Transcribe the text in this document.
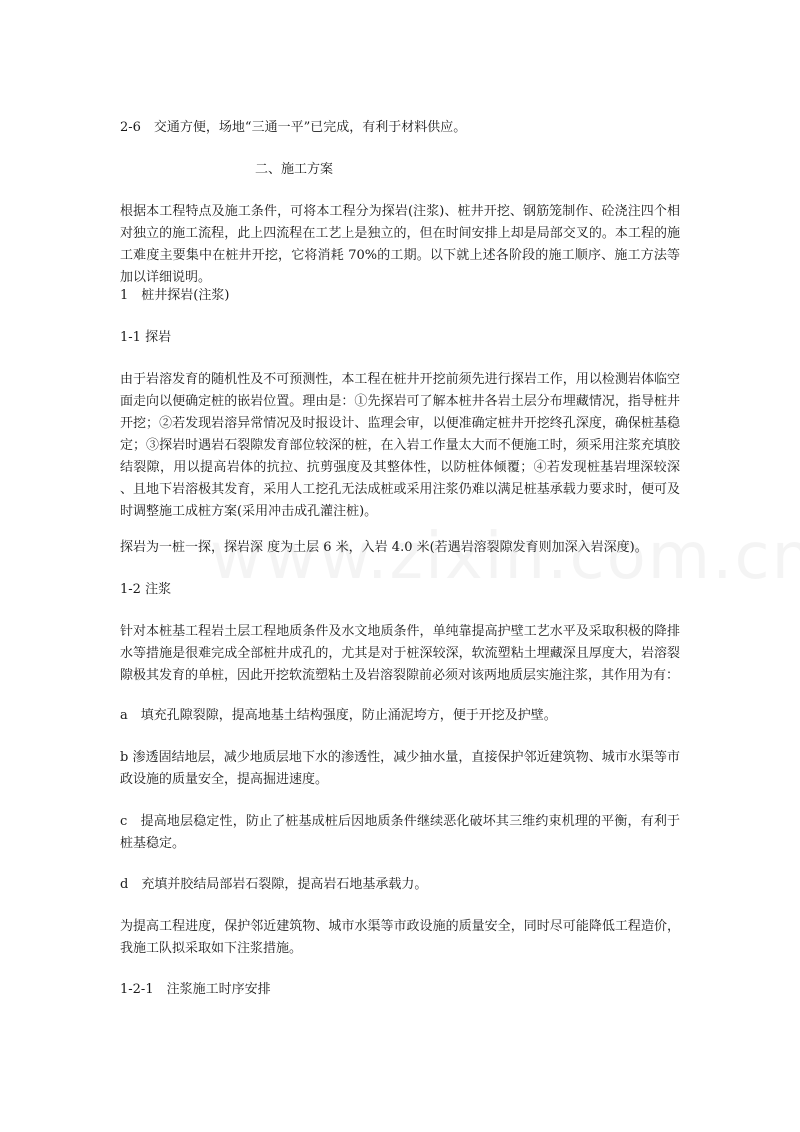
2-6　交通方便，场地“三通一平”已完成，有利于材料供应。

二、施工方案

根据本工程特点及施工条件，可将本工程分为探岩(注浆)、桩井开挖、钢筋笼制作、砼浇注四个相对独立的施工流程，此上四流程在工艺上是独立的，但在时间安排上却是局部交叉的。本工程的施工难度主要集中在桩井开挖，它将消耗 70%的工期。以下就上述各阶段的施工顺序、施工方法等加以详细说明。

1　桩井探岩(注浆)

1-1 探岩

由于岩溶发育的随机性及不可预测性，本工程在桩井开挖前须先进行探岩工作，用以检测岩体临空面走向以便确定桩的嵌岩位置。理由是：①先探岩可了解本桩井各岩土层分布埋藏情况，指导桩井开挖；②若发现岩溶异常情况及时报设计、监理会审，以便准确定桩井开挖终孔深度，确保桩基稳定；③探岩时遇岩石裂隙发育部位较深的桩，在入岩工作量太大而不便施工时，须采用注浆充填胶结裂隙，用以提高岩体的抗拉、抗剪强度及其整体性，以防桩体倾覆；④若发现桩基岩埋深较深 、且地下岩溶极其发育，采用人工挖孔无法成桩或采用注浆仍难以满足桩基承载力要求时，便可及时调整施工成桩方案(采用冲击成孔灌注桩)。

探岩为一桩一探，探岩深 度为土层 6 米，入岩 4.0 米(若遇岩溶裂隙发育则加深入岩深度)。

1-2 注浆

针对本桩基工程岩土层工程地质条件及水文地质条件，单纯靠提高护壁工艺水平及采取积极的降排水等措施是很难完成全部桩井成孔的，尤其是对于桩深较深，软流塑粘土埋藏深且厚度大，岩溶裂隙极其发育的单桩，因此开挖软流塑粘土及岩溶裂隙前必须对该两地质层实施注浆，其作用为有：

a　填充孔隙裂隙，提高地基土结构强度，防止涌泥垮方，便于开挖及护壁。

b 渗透固结地层，减少地质层地下水的渗透性，减少抽水量，直接保护邻近建筑物、城市水渠等市政设施的质量安全，提高掘进速度。

c　提高地层稳定性，防止了桩基成桩后因地质条件继续恶化破坏其三维约束机理的平衡，有利于桩基稳定。

d　充填并胶结局部岩石裂隙，提高岩石地基承载力。

为提高工程进度，保护邻近建筑物、城市水渠等市政设施的质量安全，同时尽可能降低工程造价，我施工队拟采取如下注浆措施。

1-2-1　注浆施工时序安排
